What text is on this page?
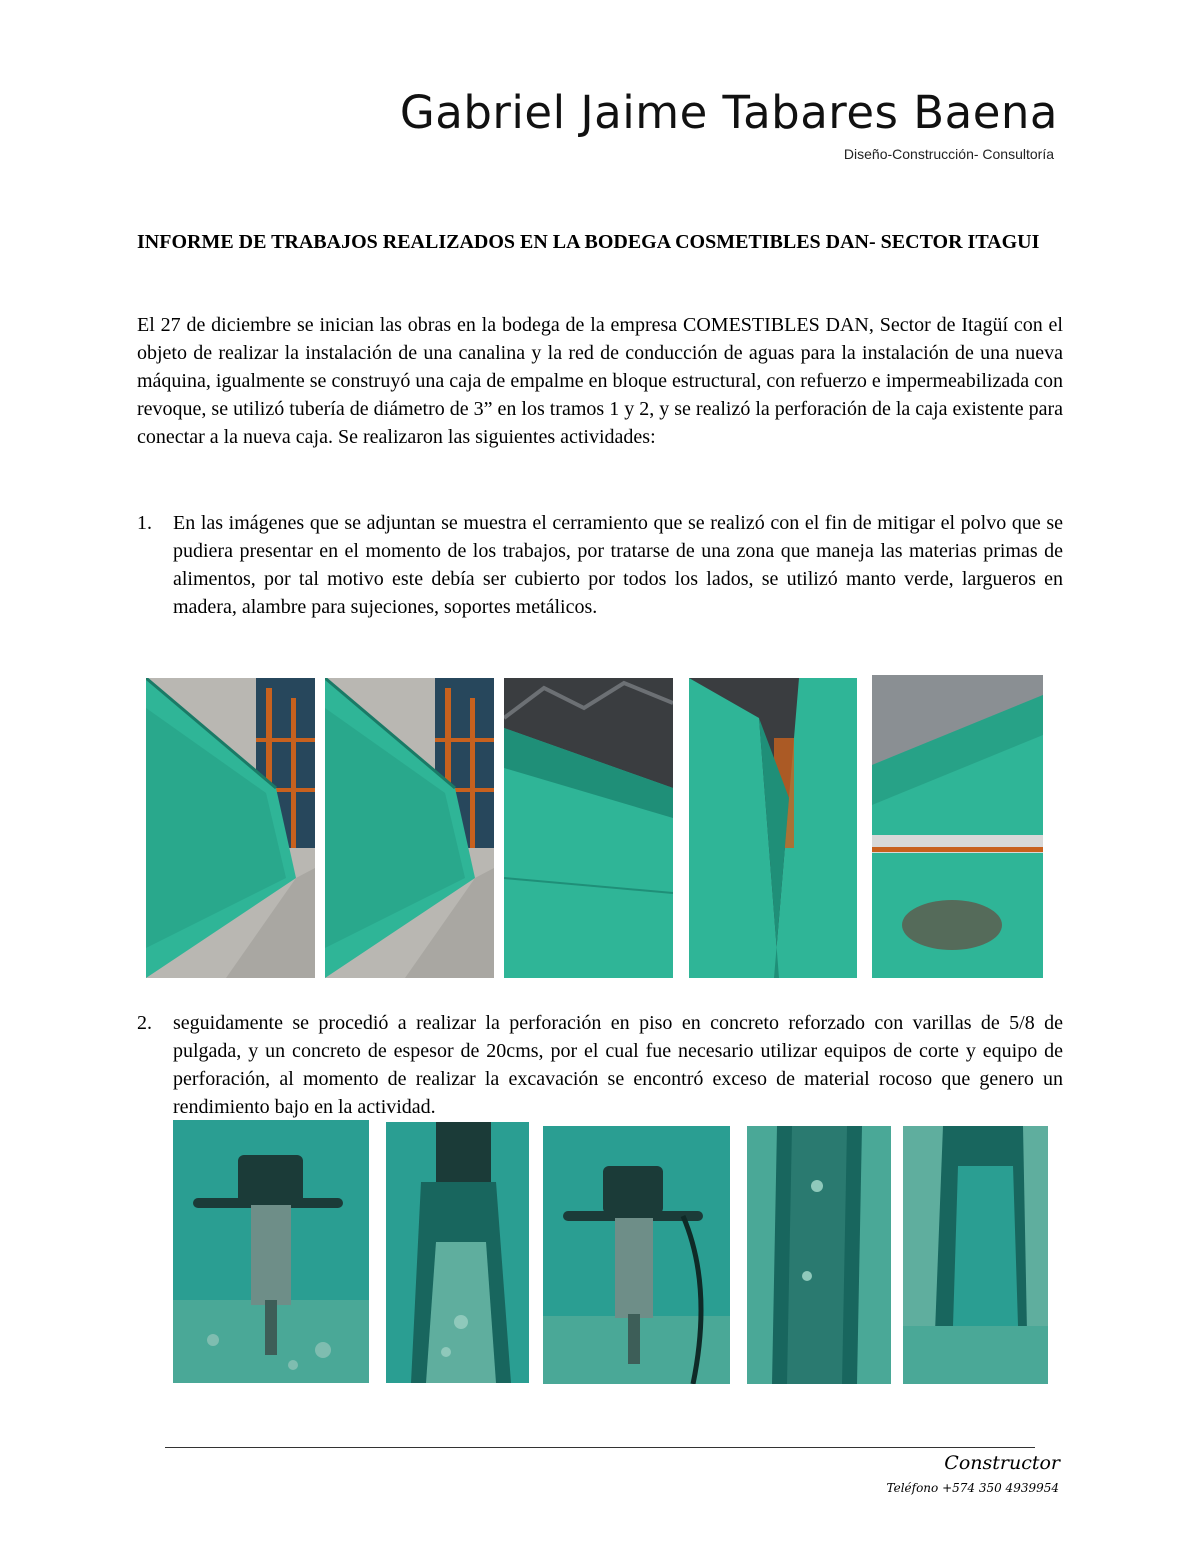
Gabriel Jaime Tabares Baena

Diseño-Construcción- Consultoría

INFORME DE TRABAJOS REALIZADOS EN LA BODEGA COSMETIBLES DAN- SECTOR ITAGUI

El 27 de diciembre se inician las obras en la bodega de la empresa COMESTIBLES DAN, Sector de Itagüí con el objeto de realizar la instalación de una canalina y la red de conducción de aguas para la instalación de una nueva máquina, igualmente se construyó una caja de empalme en bloque estructural, con refuerzo e impermeabilizada con revoque, se utilizó tubería de diámetro de 3” en los tramos 1 y 2, y se realizó la perforación de la caja existente para conectar a la nueva caja. Se realizaron las siguientes actividades:

1.	En las imágenes que se adjuntan se muestra el cerramiento que se realizó con el fin de mitigar el polvo que se pudiera presentar en el momento de los trabajos, por tratarse de una zona que maneja las materias primas de alimentos, por tal motivo este debía ser cubierto por todos los lados, se utilizó manto verde, largueros en madera, alambre para sujeciones, soportes metálicos.
2.	seguidamente se procedió a realizar la perforación en piso en concreto reforzado con varillas de 5/8 de pulgada, y un concreto de espesor de 20cms, por el cual fue necesario utilizar equipos de corte y equipo de perforación, al momento de realizar la excavación se encontró exceso de material rocoso que genero un rendimiento bajo en la actividad.

Constructor

Teléfono +574 350 4939954
